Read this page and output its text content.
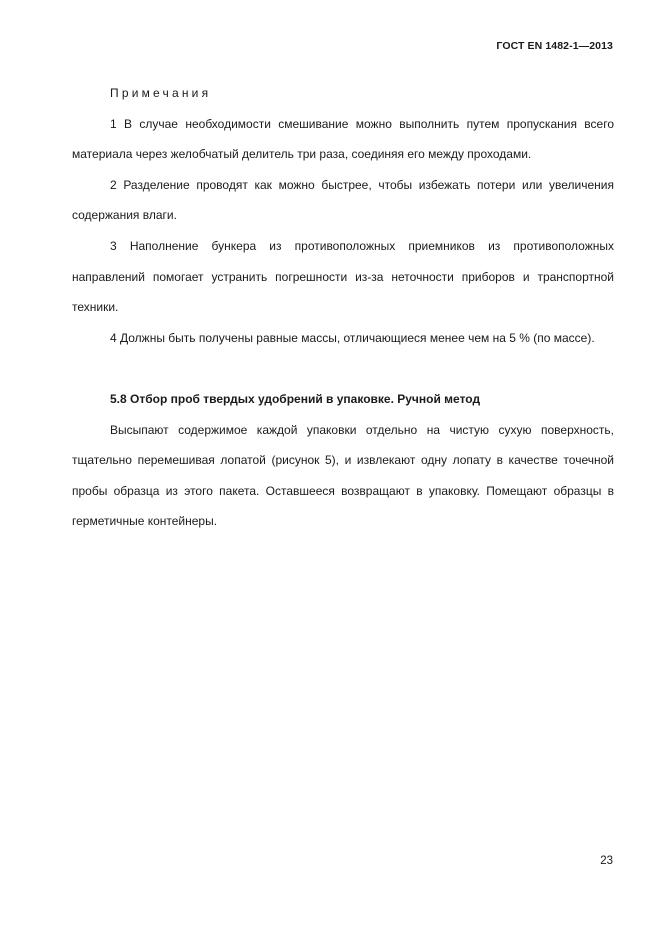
ГОСТ EN 1482-1—2013

Примечания

1 В случае необходимости смешивание можно выполнить путем пропускания всего материала через желобчатый делитель три раза, соединяя его между проходами.

2 Разделение проводят как можно быстрее, чтобы избежать потери или увеличения содержания влаги.

3 Наполнение бункера из противоположных приемников из противоположных направлений помогает устранить погрешности из-за неточности приборов и транспортной техники.

4 Должны быть получены равные массы, отличающиеся менее чем на 5 % (по массе).

5.8 Отбор проб твердых удобрений в упаковке. Ручной метод

Высыпают содержимое каждой упаковки отдельно на чистую сухую поверхность, тщательно перемешивая лопатой (рисунок 5), и извлекают одну лопату в качестве точечной пробы образца из этого пакета. Оставшееся возвращают в упаковку. Помещают образцы в герметичные контейнеры.

23
